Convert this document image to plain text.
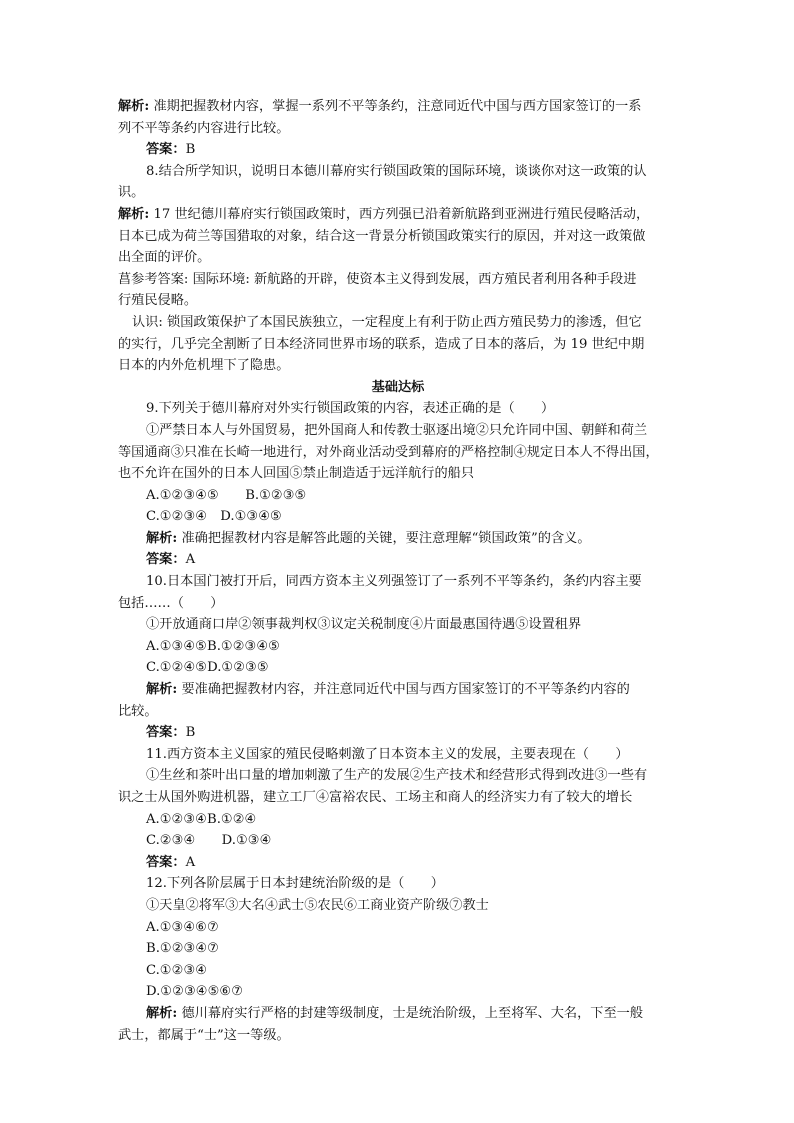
解析: 准期把握教材内容，掌握一系列不平等条约，注意同近代中国与西方国家签订的一系
列不平等条约内容进行比较。
答案：B
8.结合所学知识，说明日本德川幕府实行锁国政策的国际环境，谈谈你对这一政策的认
识。
解析: 17 世纪德川幕府实行锁国政策时，西方列强已沿着新航路到亚洲进行殖民侵略活动，
日本已成为荷兰等国猎取的对象，结合这一背景分析锁国政策实行的原因，并对这一政策做
出全面的评价。
菖参考答案: 国际环境: 新航路的开辟，使资本主义得到发展，西方殖民者利用各种手段进
行殖民侵略。
认识: 锁国政策保护了本国民族独立，一定程度上有利于防止西方殖民势力的渗透，但它
的实行，几乎完全割断了日本经济同世界市场的联系，造成了日本的落后，为 19 世纪中期
日本的内外危机埋下了隐患。
基础达标
9.下列关于德川幕府对外实行锁国政策的内容，表述正确的是（　　）
①严禁日本人与外国贸易，把外国商人和传教士驱逐出境②只允许同中国、朝鲜和荷兰
等国通商③只准在长崎一地进行，对外商业活动受到幕府的严格控制④规定日本人不得出国，
也不允许在国外的日本人回国⑤禁止制造适于远洋航行的船只
A.①②③④⑤　　B.①②③⑤
C.①②③④　D.①③④⑤
解析: 准确把握教材内容是解答此题的关键，要注意理解“锁国政策”的含义。
答案：A
10.日本国门被打开后，同西方资本主义列强签订了一系列不平等条约，条约内容主要
包括……（　　）
①开放通商口岸②领事裁判权③议定关税制度④片面最惠国待遇⑤设置租界
A.①③④⑤B.①②③④⑤
C.①②④⑤D.①②③⑤
解析: 要准确把握教材内容，并注意同近代中国与西方国家签订的不平等条约内容的
比较。
答案：B
11.西方资本主义国家的殖民侵略刺激了日本资本主义的发展，主要表现在（　　）
①生丝和茶叶出口量的增加刺激了生产的发展②生产技术和经营形式得到改进③一些有
识之士从国外购进机器，建立工厂④富裕农民、工场主和商人的经济实力有了较大的增长
A.①②③④B.①②④
C.②③④　　D.①③④
答案：A
12.下列各阶层属于日本封建统治阶级的是（　　）
①天皇②将军③大名④武士⑤农民⑥工商业资产阶级⑦教士
A.①③④⑥⑦
B.①②③④⑦
C.①②③④
D.①②③④⑤⑥⑦
解析: 德川幕府实行严格的封建等级制度，士是统治阶级，上至将军、大名，下至一般
武士，都属于“士”这一等级。
